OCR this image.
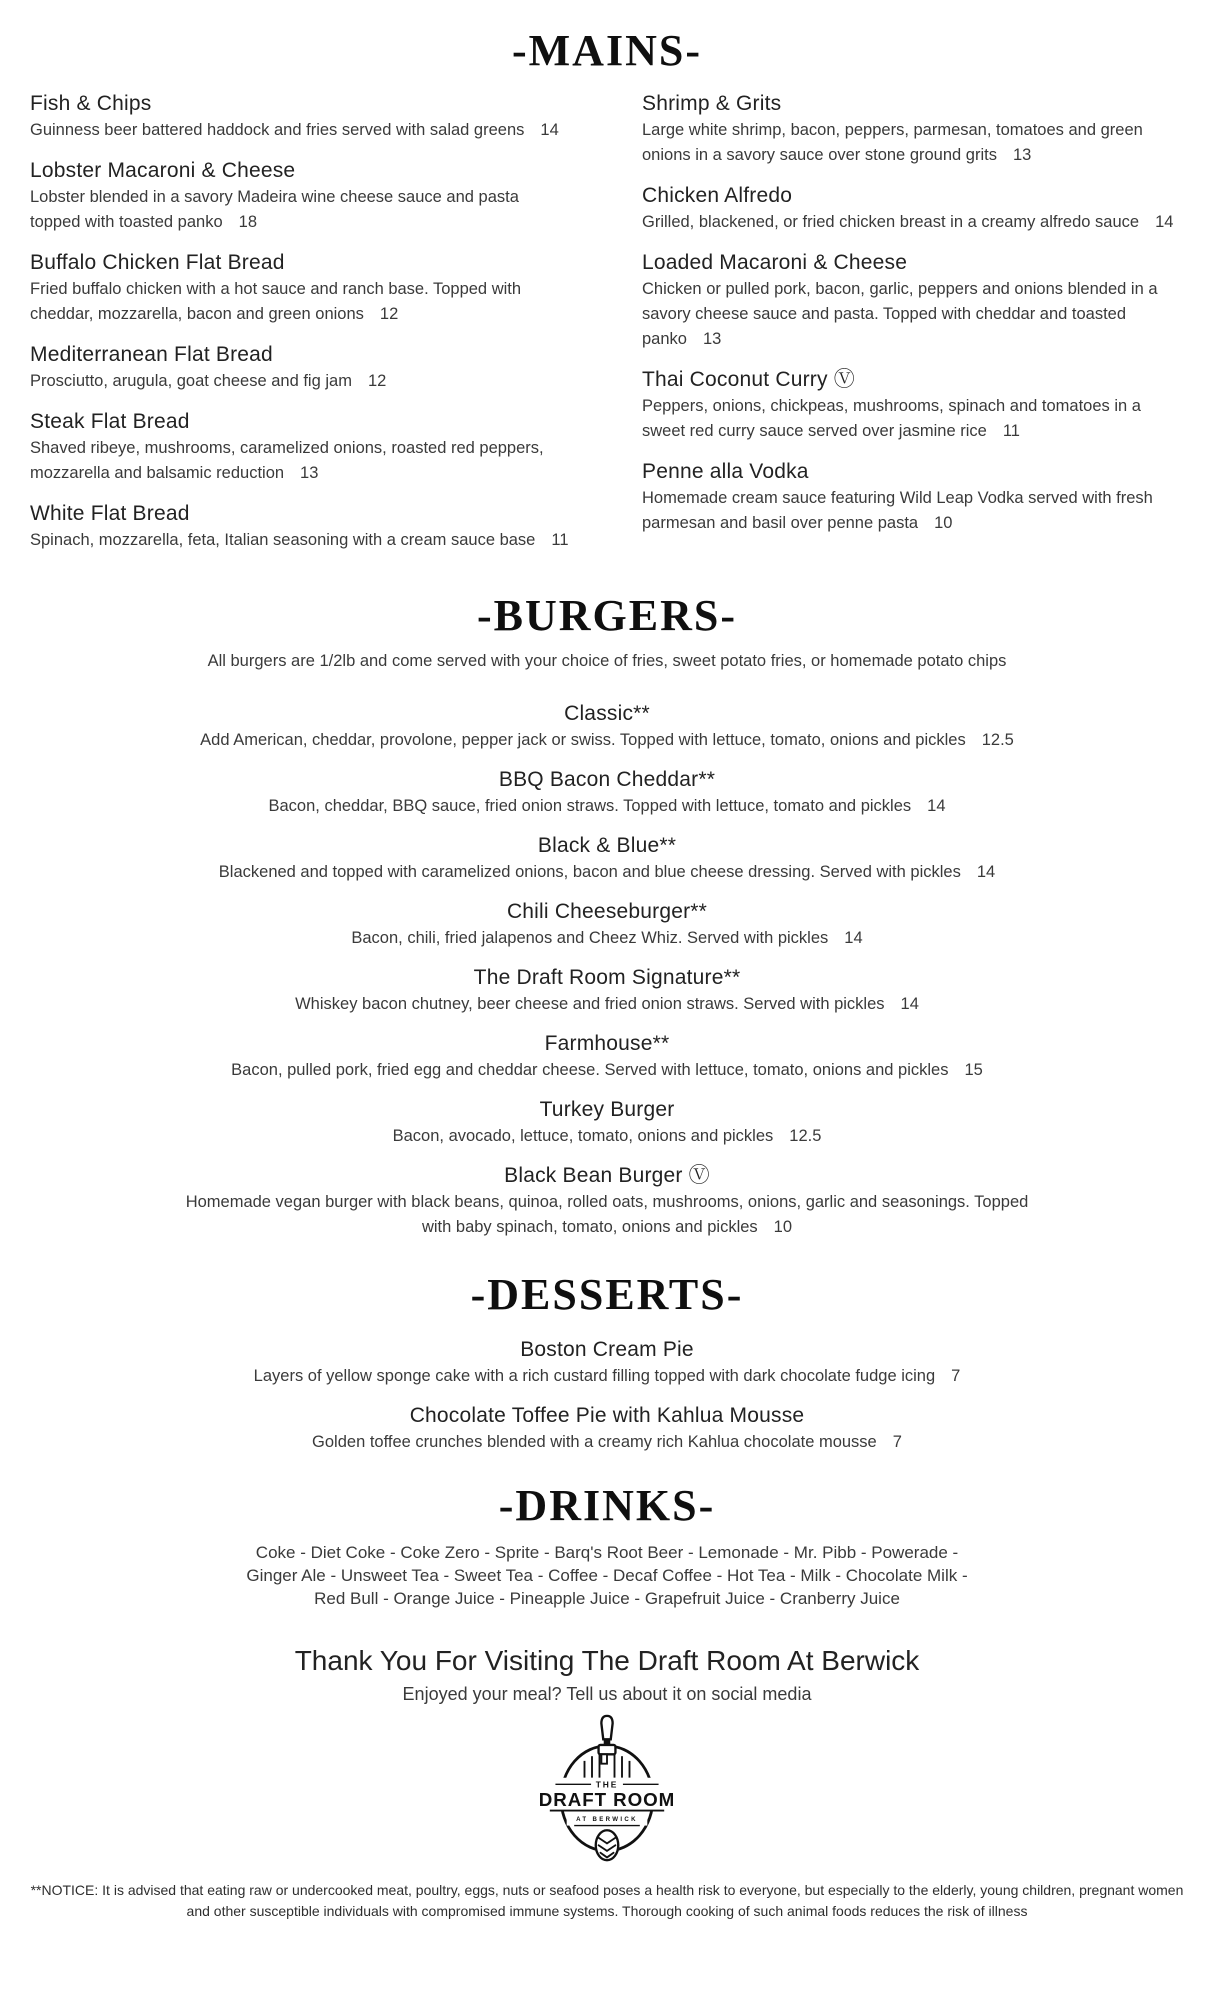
-MAINS-
Fish & Chips

Guinness beer battered haddock and fries served with salad greens 14

Lobster Macaroni & Cheese

Lobster blended in a savory Madeira wine cheese sauce and pasta topped with toasted panko 18

Buffalo Chicken Flat Bread

Fried buffalo chicken with a hot sauce and ranch base. Topped with cheddar, mozzarella, bacon and green onions 12

Mediterranean Flat Bread

Prosciutto, arugula, goat cheese and fig jam 12

Steak Flat Bread

Shaved ribeye, mushrooms, caramelized onions, roasted red peppers, mozzarella and balsamic reduction 13

White Flat Bread

Spinach, mozzarella, feta, Italian seasoning with a cream sauce base 11

Shrimp & Grits

Large white shrimp, bacon, peppers, parmesan, tomatoes and green onions in a savory sauce over stone ground grits 13

Chicken Alfredo

Grilled, blackened, or fried chicken breast in a creamy alfredo sauce 14

Loaded Macaroni & Cheese

Chicken or pulled pork, bacon, garlic, peppers and onions blended in a savory cheese sauce and pasta. Topped with cheddar and toasted panko 13

Thai Coconut Curry Ⓥ

Peppers, onions, chickpeas, mushrooms, spinach and tomatoes in a sweet red curry sauce served over jasmine rice 11

Penne alla Vodka

Homemade cream sauce featuring Wild Leap Vodka served with fresh parmesan and basil over penne pasta 10

-BURGERS-

All burgers are 1/2lb and come served with your choice of fries, sweet potato fries, or homemade potato chips

Classic**

Add American, cheddar, provolone, pepper jack or swiss. Topped with lettuce, tomato, onions and pickles 12.5

BBQ Bacon Cheddar**

Bacon, cheddar, BBQ sauce, fried onion straws. Topped with lettuce, tomato and pickles 14

Black & Blue**

Blackened and topped with caramelized onions, bacon and blue cheese dressing. Served with pickles 14

Chili Cheeseburger**

Bacon, chili, fried jalapenos and Cheez Whiz. Served with pickles 14

The Draft Room Signature**

Whiskey bacon chutney, beer cheese and fried onion straws. Served with pickles 14

Farmhouse**

Bacon, pulled pork, fried egg and cheddar cheese. Served with lettuce, tomato, onions and pickles 15

Turkey Burger

Bacon, avocado, lettuce, tomato, onions and pickles 12.5

Black Bean Burger Ⓥ

Homemade vegan burger with black beans, quinoa, rolled oats, mushrooms, onions, garlic and seasonings. Topped with baby spinach, tomato, onions and pickles 10

-DESSERTS-
Boston Cream Pie

Layers of yellow sponge cake with a rich custard filling topped with dark chocolate fudge icing 7

Chocolate Toffee Pie with Kahlua Mousse

Golden toffee crunches blended with a creamy rich Kahlua chocolate mousse 7

-DRINKS-

Coke - Diet Coke - Coke Zero - Sprite - Barq's Root Beer - Lemonade - Mr. Pibb - Powerade -

Ginger Ale - Unsweet Tea - Sweet Tea - Coffee - Decaf Coffee - Hot Tea - Milk - Chocolate Milk -

Red Bull - Orange Juice - Pineapple Juice - Grapefruit Juice - Cranberry Juice

Thank You For Visiting The Draft Room At Berwick

Enjoyed your meal? Tell us about it on social media

THE
DRAFT ROOM
AT BERWICK

**NOTICE: It is advised that eating raw or undercooked meat, poultry, eggs, nuts or seafood poses a health risk to everyone, but especially to the elderly, young children, pregnant women and other susceptible individuals with compromised immune systems. Thorough cooking of such animal foods reduces the risk of illness
